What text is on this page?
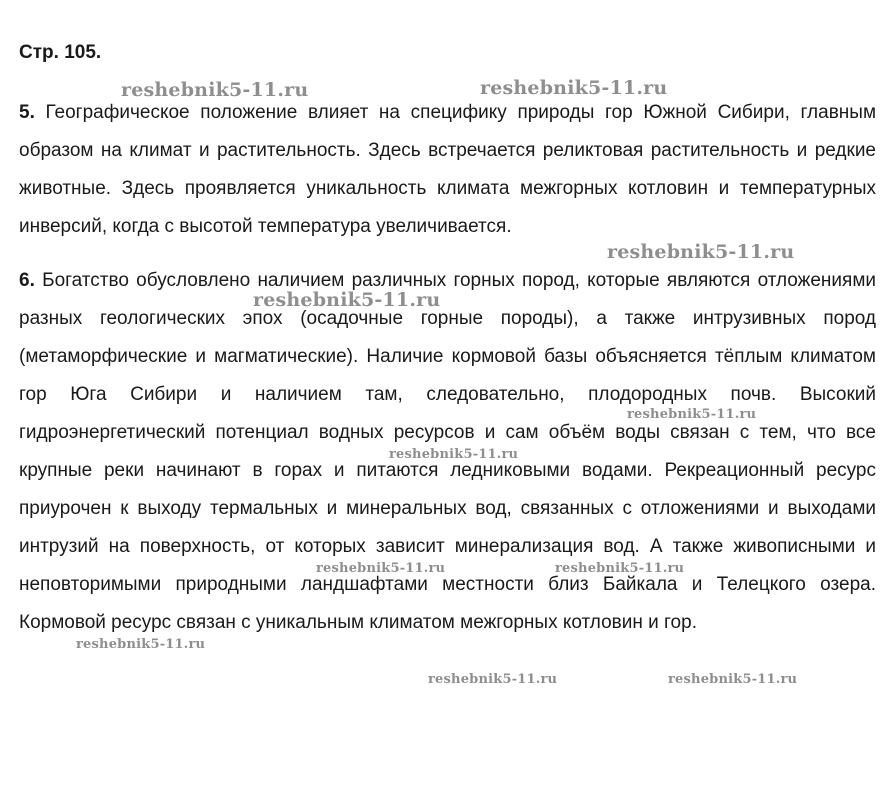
Стр. 105.

5. Географическое положение влияет на специфику природы гор Южной Сибири, главным образом на климат и растительность. Здесь встречается реликтовая растительность и редкие животные. Здесь проявляется уникальность климата межгорных котловин и температурных инверсий, когда с высотой температура увеличивается.

6. Богатство обусловлено наличием различных горных пород, которые являются отложениями разных геологических эпох (осадочные горные породы), а также интрузивных пород (метаморфические и магматические). Наличие кормовой базы объясняется тёплым климатом гор Юга Сибири и наличием там, следовательно, плодородных почв. Высокий гидроэнергетический потенциал водных ресурсов и сам объём воды связан с тем, что все крупные реки начинают в горах и питаются ледниковыми водами. Рекреационный ресурс приурочен к выходу термальных и минеральных вод, связанных с отложениями и выходами интрузий на поверхность, от которых зависит минерализация вод. А также живописными и неповторимыми природными ландшафтами местности близ Байкала и Телецкого озера. Кормовой ресурс связан с уникальным климатом межгорных котловин и гор.

reshebnik5-11.ru	reshebnik5-11.ru
reshebnik5-11.ru
reshebnik5-11.ru
reshebnik5-11.ru
reshebnik5-11.ru
reshebnik5-11.ru	reshebnik5-11.ru
reshebnik5-11.ru
reshebnik5-11.ru	reshebnik5-11.ru
